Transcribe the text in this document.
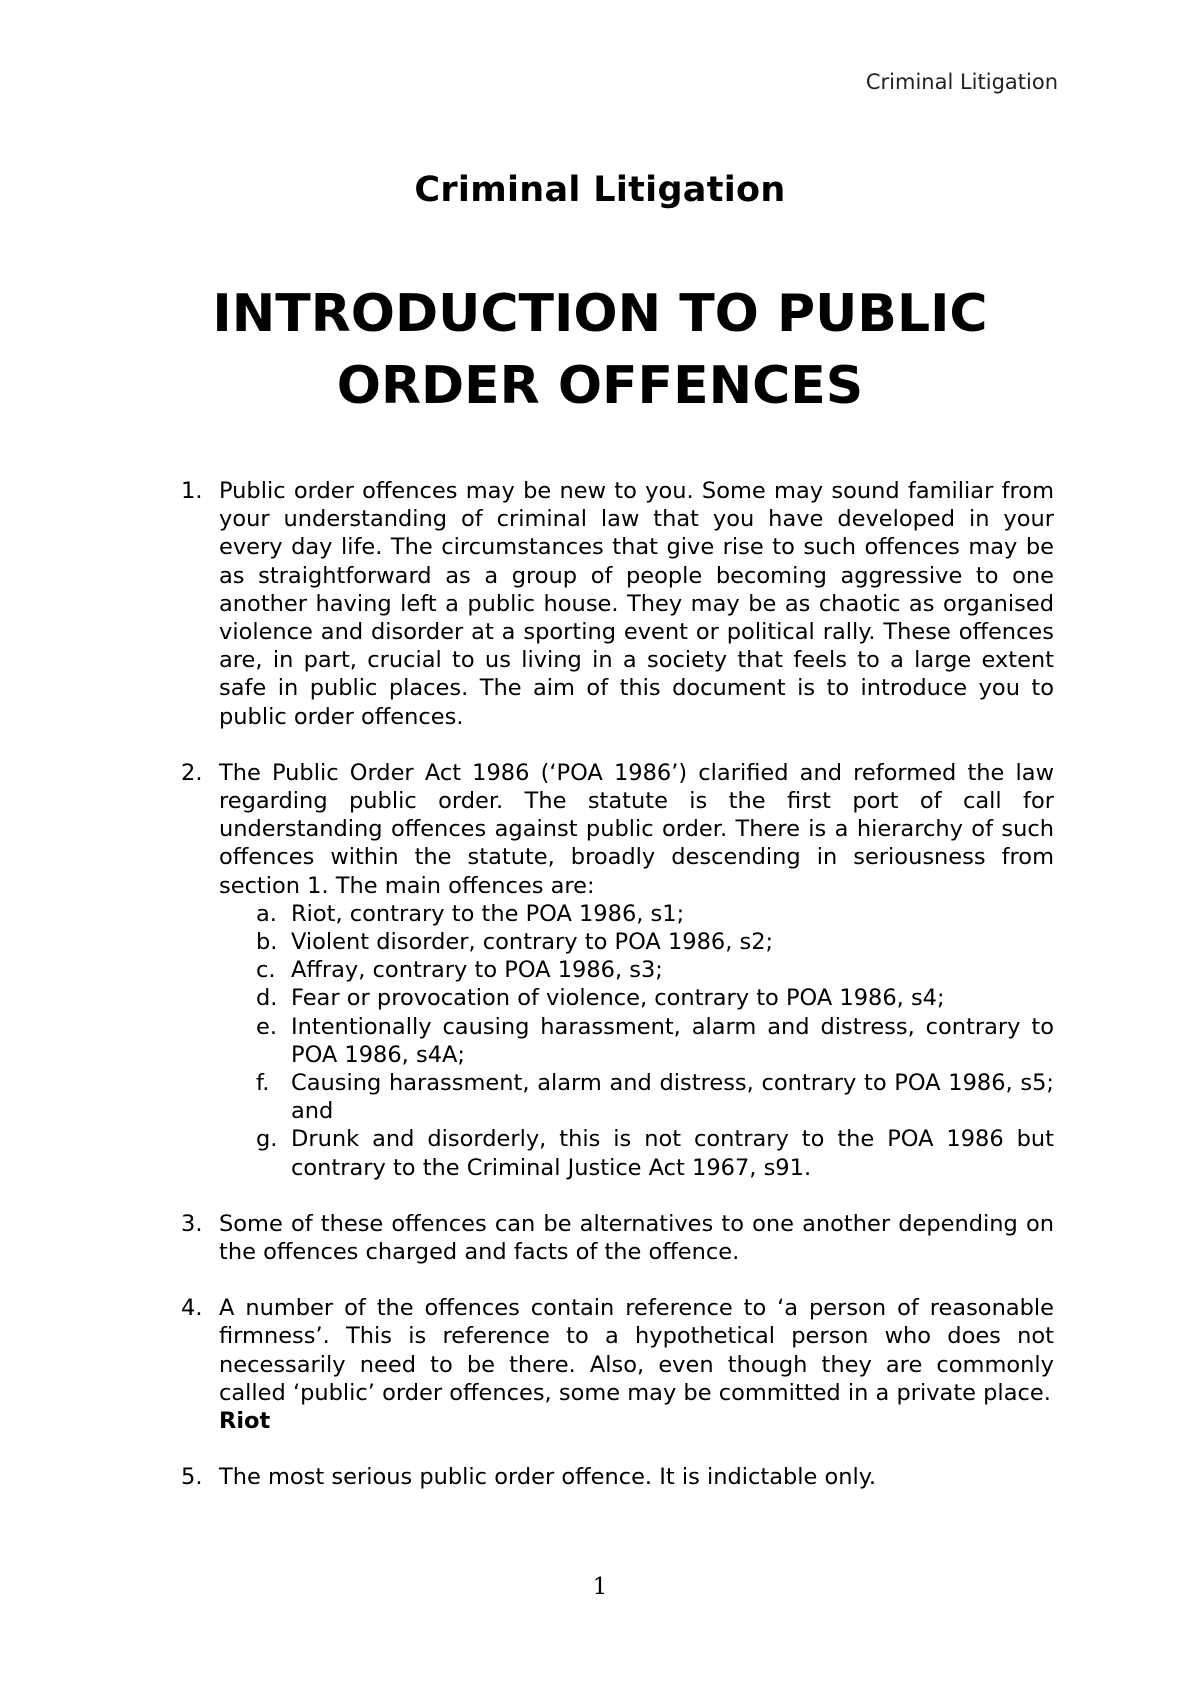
Criminal Litigation
Criminal Litigation
INTRODUCTION TO PUBLIC
ORDER OFFENCES
1. Public order offences may be new to you. Some may sound familiar from your understanding of criminal law that you have developed in your every day life. The circumstances that give rise to such offences may be as straightforward as a group of people becoming aggressive to one another having left a public house. They may be as chaotic as organised violence and disorder at a sporting event or political rally. These offences are, in part, crucial to us living in a society that feels to a large extent safe in public places. The aim of this document is to introduce you to public order offences.

2. The Public Order Act 1986 (‘POA 1986’) clarified and reformed the law regarding public order. The statute is the first port of call for understanding offences against public order. There is a hierarchy of such offences within the statute, broadly descending in seriousness from section 1. The main offences are:

a. Riot, contrary to the POA 1986, s1;

b. Violent disorder, contrary to POA 1986, s2;

c. Affray, contrary to POA 1986, s3;

d. Fear or provocation of violence, contrary to POA 1986, s4;

e. Intentionally causing harassment, alarm and distress, contrary to POA 1986, s4A;

f. Causing harassment, alarm and distress, contrary to POA 1986, s5; and

g. Drunk and disorderly, this is not contrary to the POA 1986 but contrary to the Criminal Justice Act 1967, s91.

3. Some of these offences can be alternatives to one another depending on the offences charged and facts of the offence.

4. A number of the offences contain reference to ‘a person of reasonable firmness’. This is reference to a hypothetical person who does not necessarily need to be there. Also, even though they are commonly called ‘public’ order offences, some may be committed in a private place.

Riot

5. The most serious public order offence. It is indictable only.

1
